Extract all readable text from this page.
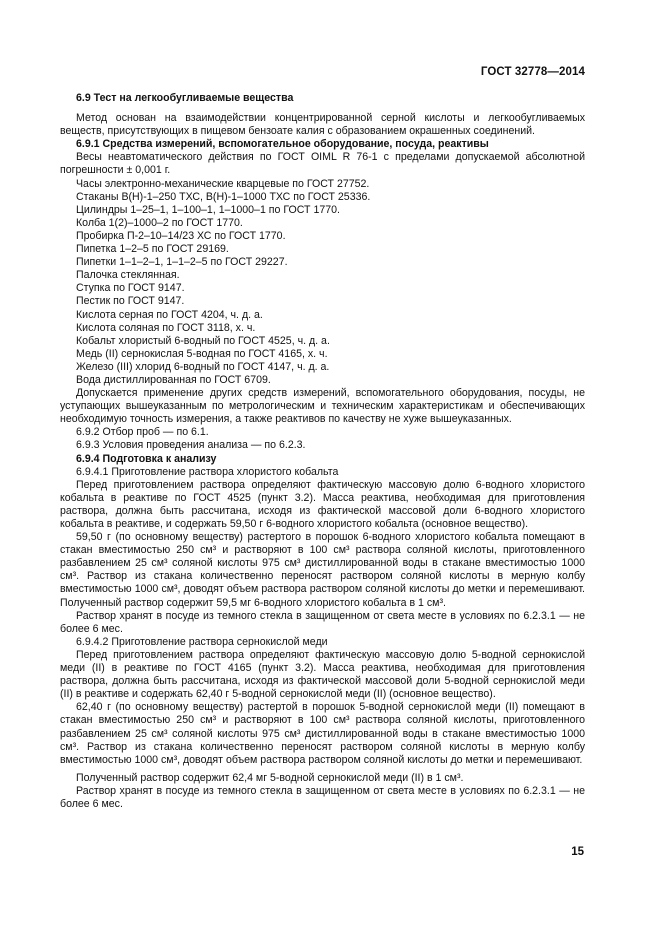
ГОСТ 32778—2014

6.9 Тест на легкообугливаемые вещества

Метод основан на взаимодействии концентрированной серной кислоты и легкообугливаемых веществ, присутствующих в пищевом бензоате калия с образованием окрашенных соединений.

6.9.1 Средства измерений, вспомогательное оборудование, посуда, реактивы

Весы неавтоматического действия по ГОСТ OIML R 76-1 с пределами допускаемой абсолютной погрешности ± 0,001 г.

Часы электронно-механические кварцевые по ГОСТ 27752.

Стаканы В(Н)-1–250 ТХС, В(Н)-1–1000 ТХС по ГОСТ 25336.

Цилиндры 1–25–1, 1–100–1, 1–1000–1 по ГОСТ 1770.

Колба 1(2)–1000–2 по ГОСТ 1770.

Пробирка П-2–10–14/23 ХС по ГОСТ 1770.

Пипетка 1–2–5 по ГОСТ 29169.

Пипетки 1–1–2–1, 1–1–2–5 по ГОСТ 29227.

Палочка стеклянная.

Ступка по ГОСТ 9147.

Пестик по ГОСТ 9147.

Кислота серная по ГОСТ 4204, ч. д. а.

Кислота соляная по ГОСТ 3118, х. ч.

Кобальт хлористый 6-водный по ГОСТ 4525, ч. д. а.

Медь (II) сернокислая 5-водная по ГОСТ 4165, х. ч.

Железо (III) хлорид 6-водный по ГОСТ 4147, ч. д. а.

Вода дистиллированная по ГОСТ 6709.

Допускается применение других средств измерений, вспомогательного оборудования, посуды, не уступающих вышеуказанным по метрологическим и техническим характеристикам и обеспечивающих необходимую точность измерения, а также реактивов по качеству не хуже вышеуказанных.

6.9.2 Отбор проб — по 6.1.

6.9.3 Условия проведения анализа — по 6.2.3.

6.9.4 Подготовка к анализу

6.9.4.1 Приготовление раствора хлористого кобальта

Перед приготовлением раствора определяют фактическую массовую долю 6-водного хлористого кобальта в реактиве по ГОСТ 4525 (пункт 3.2). Масса реактива, необходимая для приготовления раствора, должна быть рассчитана, исходя из фактической массовой доли 6-водного хлористого кобальта в реактиве, и содержать 59,50 г 6-водного хлористого кобальта (основное вещество).

59,50 г (по основному веществу) растертого в порошок 6-водного хлористого кобальта помещают в стакан вместимостью 250 см³ и растворяют в 100 см³ раствора соляной кислоты, приготовленного разбавлением 25 см³ соляной кислоты 975 см³ дистиллированной воды в стакане вместимостью 1000 см³. Раствор из стакана количественно переносят раствором соляной кислоты в мерную колбу вместимостью 1000 см³, доводят объем раствора раствором соляной кислоты до метки и перемешивают. Полученный раствор содержит 59,5 мг 6-водного хлористого кобальта в 1 см³.

Раствор хранят в посуде из темного стекла в защищенном от света месте в условиях по 6.2.3.1 — не более 6 мес.

6.9.4.2 Приготовление раствора сернокислой меди

Перед приготовлением раствора определяют фактическую массовую долю 5-водной сернокислой меди (II) в реактиве по ГОСТ 4165 (пункт 3.2). Масса реактива, необходимая для приготовления раствора, должна быть рассчитана, исходя из фактической массовой доли 5-водной сернокислой меди (II) в реактиве и содержать 62,40 г 5-водной сернокислой меди (II) (основное вещество).

62,40 г (по основному веществу) растертой в порошок 5-водной сернокислой меди (II) помещают в стакан вместимостью 250 см³ и растворяют в 100 см³ раствора соляной кислоты, приготовленного разбавлением 25 см³ соляной кислоты 975 см³ дистиллированной воды в стакане вместимостью 1000 см³. Раствор из стакана количественно переносят раствором соляной кислоты в мерную колбу вместимостью 1000 см³, доводят объем раствора раствором соляной кислоты до метки и перемешивают.

Полученный раствор содержит 62,4 мг 5-водной сернокислой меди (II) в 1 см³.

Раствор хранят в посуде из темного стекла в защищенном от света месте в условиях по 6.2.3.1 — не более 6 мес.

15
